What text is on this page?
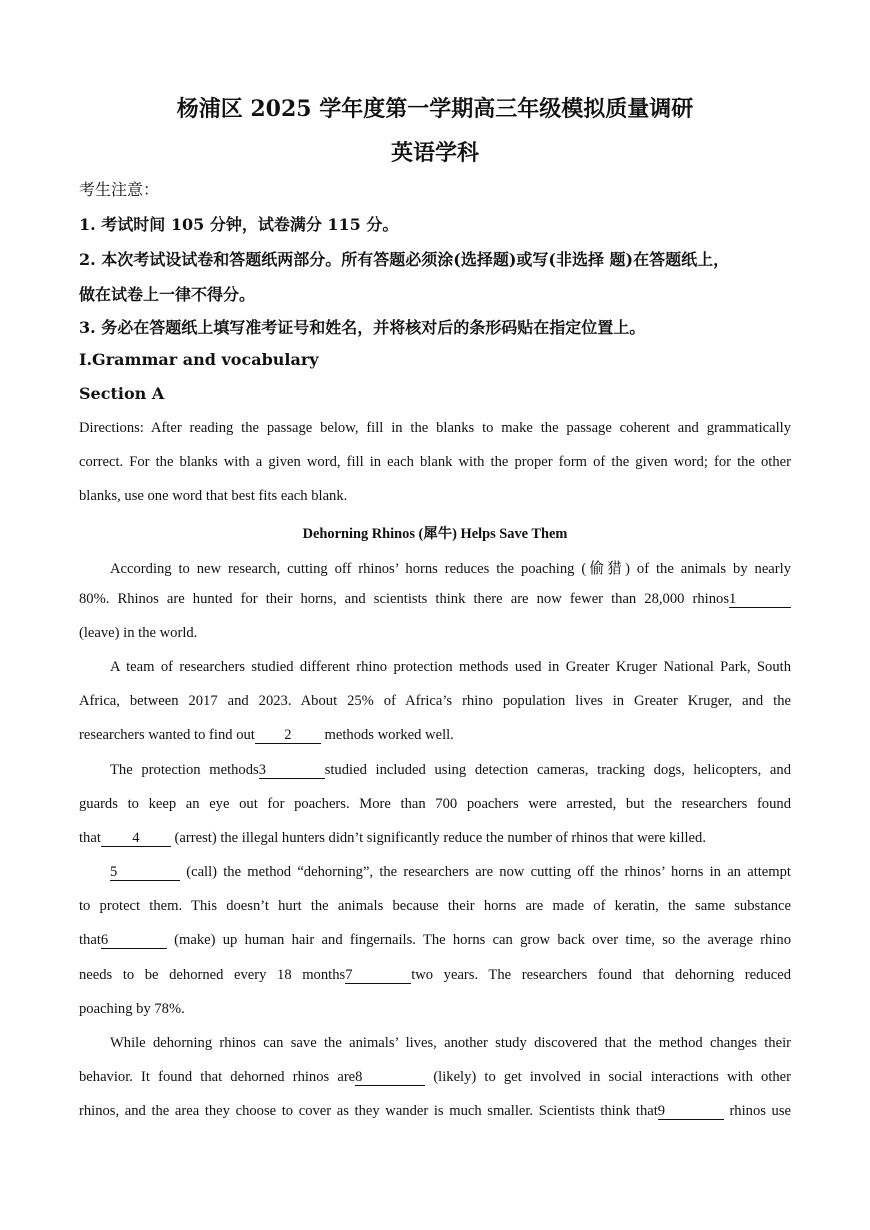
杨浦区 2025 学年度第一学期高三年级模拟质量调研
英语学科
考生注意：
1. 考试时间 105 分钟，试卷满分 115 分。
2. 本次考试设试卷和答题纸两部分。所有答题必须涂(选择题)或写(非选择 题)在答题纸上，
做在试卷上一律不得分。
3. 务必在答题纸上填写准考证号和姓名，并将核对后的条形码贴在指定位置上。
I.Grammar and vocabulary
Section A
Directions: After reading the passage below, fill in the blanks to make the passage coherent and grammatically
correct. For the blanks with a given word, fill in each blank with the proper form of the given word; for the other
blanks, use one word that best fits each blank.
Dehorning Rhinos (犀牛) Helps Save Them
According to new research, cutting off rhinos’ horns reduces the poaching (偷猎) of the animals by nearly
80%. Rhinos are hunted for their horns, and scientists think there are now fewer than 28,000 rhinos1
(leave) in the world.
A team of researchers studied different rhino protection methods used in Greater Kruger National Park, South
Africa, between 2017 and 2023. About 25% of Africa’s rhino population lives in Greater Kruger, and the
researchers wanted to find out 2 methods worked well.
The protection methods3	studied included using detection cameras, tracking dogs, helicopters, and
guards to keep an eye out for poachers. More than 700 poachers were arrested, but the researchers found
that 4 (arrest) the illegal hunters didn’t significantly reduce the number of rhinos that were killed.
5	(call) the method “dehorning”, the researchers are now cutting off the rhinos’ horns in an attempt
to protect them. This doesn’t hurt the animals because their horns are made of keratin, the same substance
that6	(make) up human hair and fingernails. The horns can grow back over time, so the average rhino
needs to be dehorned every 18 months7	two years. The researchers found that dehorning reduced
poaching by 78%.
While dehorning rhinos can save the animals’ lives, another study discovered that the method changes their
behavior. It found that dehorned rhinos are8	(likely) to get involved in social interactions with other
rhinos, and the area they choose to cover as they wander is much smaller. Scientists think that9	rhinos use
